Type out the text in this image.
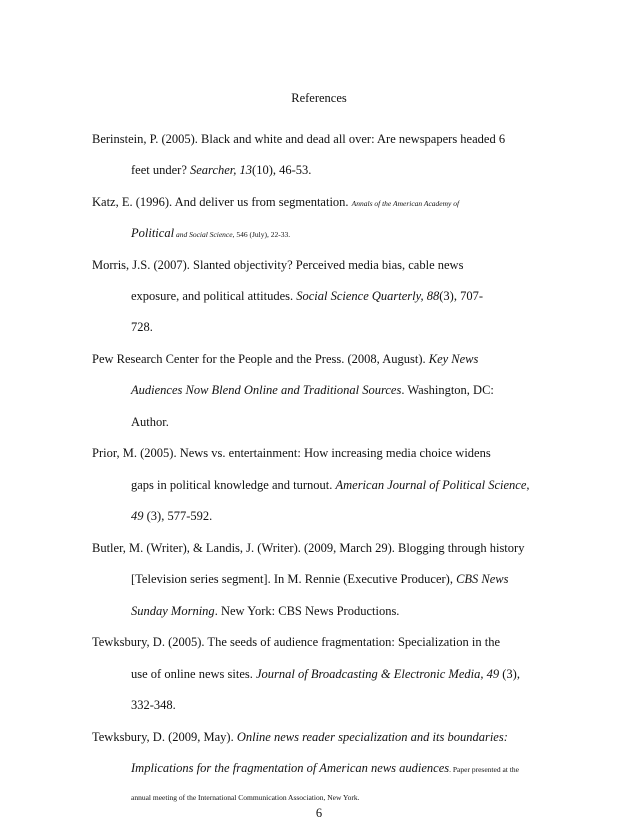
References
Berinstein, P. (2005). Black and white and dead all over: Are newspapers headed 6
feet under? Searcher, 13(10), 46-53.
Katz, E. (1996). And deliver us from segmentation. Annals of the American Academy of
Political and Social Science, 546 (July), 22-33.
Morris, J.S. (2007). Slanted objectivity? Perceived media bias, cable news
exposure, and political attitudes. Social Science Quarterly, 88(3), 707-
728.
Pew Research Center for the People and the Press. (2008, August). Key News
Audiences Now Blend Online and Traditional Sources. Washington, DC:
Author.
Prior, M. (2005). News vs. entertainment: How increasing media choice widens
gaps in political knowledge and turnout. American Journal of Political Science,
49 (3), 577-592.
Butler, M. (Writer), & Landis, J. (Writer). (2009, March 29). Blogging through history
[Television series segment]. In M. Rennie (Executive Producer), CBS News
Sunday Morning. New York: CBS News Productions.
Tewksbury, D. (2005). The seeds of audience fragmentation: Specialization in the
use of online news sites. Journal of Broadcasting & Electronic Media, 49 (3),
332-348.
Tewksbury, D. (2009, May). Online news reader specialization and its boundaries:
Implications for the fragmentation of American news audiences. Paper presented at the
annual meeting of the International Communication Association, New York.
6
